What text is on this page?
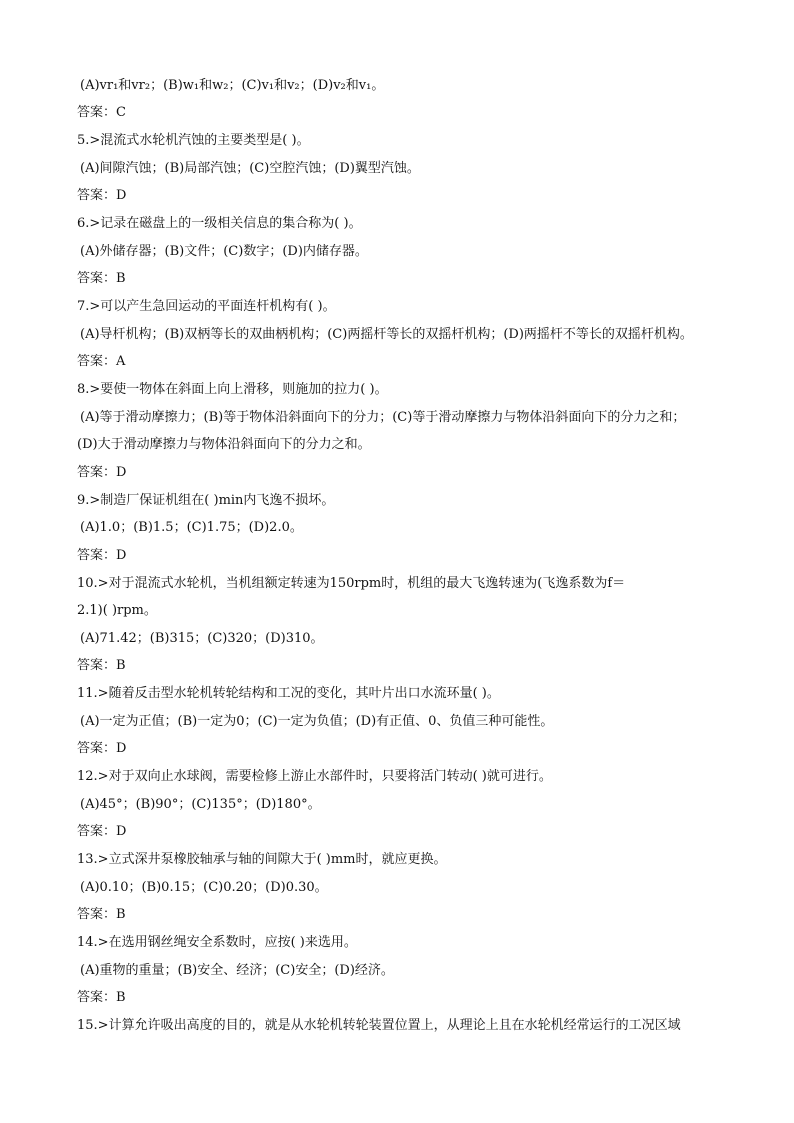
(A)vr₁和vr₂；(B)w₁和w₂；(C)v₁和v₂；(D)v₂和v₁。
答案：C
5.>混流式水轮机汽蚀的主要类型是( )。
(A)间隙汽蚀；(B)局部汽蚀；(C)空腔汽蚀；(D)翼型汽蚀。
答案：D
6.>记录在磁盘上的一级相关信息的集合称为( )。
(A)外储存器；(B)文件；(C)数字；(D)内储存器。
答案：B
7.>可以产生急回运动的平面连杆机构有( )。
(A)导杆机构；(B)双柄等长的双曲柄机构；(C)两摇杆等长的双摇杆机构；(D)两摇杆不等长的双摇杆机构。
答案：A
8.>要使一物体在斜面上向上滑移，则施加的拉力( )。
(A)等于滑动摩擦力；(B)等于物体沿斜面向下的分力；(C)等于滑动摩擦力与物体沿斜面向下的分力之和；
(D)大于滑动摩擦力与物体沿斜面向下的分力之和。
答案：D
9.>制造厂保证机组在( )min内飞逸不损坏。
(A)1.0；(B)1.5；(C)1.75；(D)2.0。
答案：D
10.>对于混流式水轮机，当机组额定转速为150rpm时，机组的最大飞逸转速为(飞逸系数为f＝
2.1)( )rpm。
(A)71.42；(B)315；(C)320；(D)310。
答案：B
11.>随着反击型水轮机转轮结构和工况的变化，其叶片出口水流环量( )。
(A)一定为正值；(B)一定为0；(C)一定为负值；(D)有正值、0、负值三种可能性。
答案：D
12.>对于双向止水球阀，需要检修上游止水部件时，只要将活门转动( )就可进行。
(A)45°；(B)90°；(C)135°；(D)180°。
答案：D
13.>立式深井泵橡胶轴承与轴的间隙大于( )mm时，就应更换。
(A)0.10；(B)0.15；(C)0.20；(D)0.30。
答案：B
14.>在选用钢丝绳安全系数时，应按( )来选用。
(A)重物的重量；(B)安全、经济；(C)安全；(D)经济。
答案：B
15.>计算允许吸出高度的目的，就是从水轮机转轮装置位置上，从理论上且在水轮机经常运行的工况区域
